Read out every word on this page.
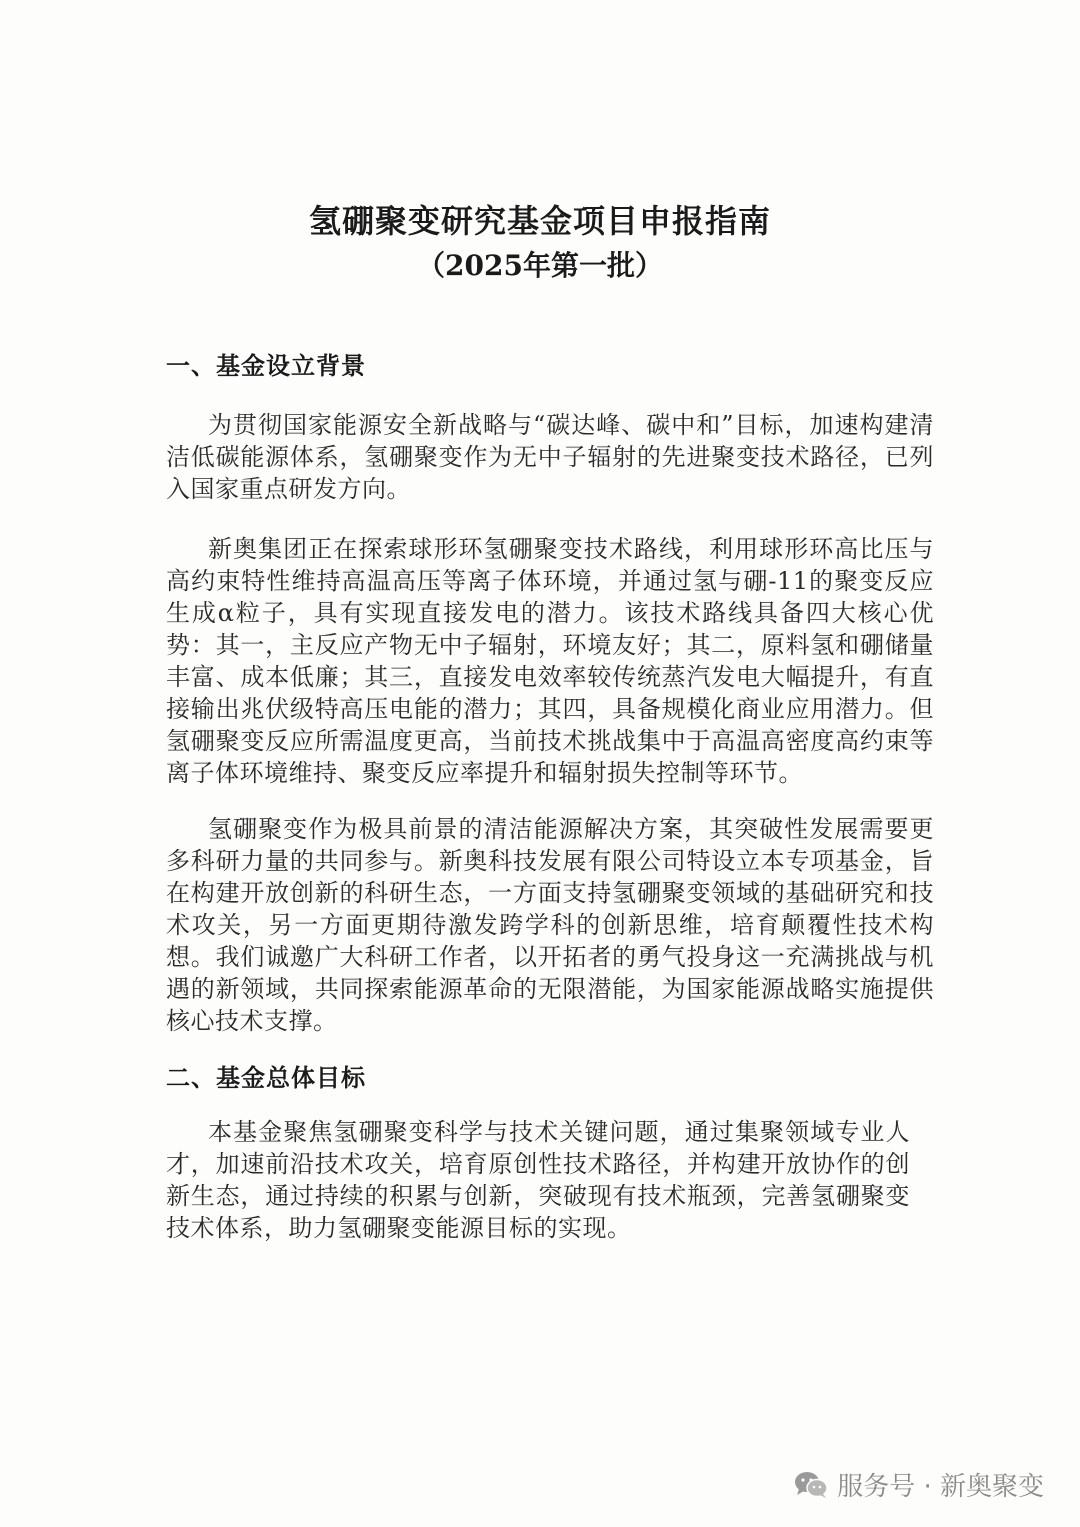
氢硼聚变研究基金项目申报指南
（2025年第一批）
一、基金设立背景
为贯彻国家能源安全新战略与“碳达峰、碳中和”目标，加速构建清洁低碳能源体系，氢硼聚变作为无中子辐射的先进聚变技术路径，已列入国家重点研发方向。
新奥集团正在探索球形环氢硼聚变技术路线，利用球形环高比压与高约束特性维持高温高压等离子体环境，并通过氢与硼-11的聚变反应生成α粒子，具有实现直接发电的潜力。该技术路线具备四大核心优势：其一，主反应产物无中子辐射，环境友好；其二，原料氢和硼储量丰富、成本低廉；其三，直接发电效率较传统蒸汽发电大幅提升，有直接输出兆伏级特高压电能的潜力；其四，具备规模化商业应用潜力。但氢硼聚变反应所需温度更高，当前技术挑战集中于高温高密度高约束等离子体环境维持、聚变反应率提升和辐射损失控制等环节。
氢硼聚变作为极具前景的清洁能源解决方案，其突破性发展需要更多科研力量的共同参与。新奥科技发展有限公司特设立本专项基金，旨在构建开放创新的科研生态，一方面支持氢硼聚变领域的基础研究和技术攻关，另一方面更期待激发跨学科的创新思维，培育颠覆性技术构想。我们诚邀广大科研工作者，以开拓者的勇气投身这一充满挑战与机遇的新领域，共同探索能源革命的无限潜能，为国家能源战略实施提供核心技术支撑。
二、基金总体目标
本基金聚焦氢硼聚变科学与技术关键问题，通过集聚领域专业人才，加速前沿技术攻关，培育原创性技术路径，并构建开放协作的创新生态，通过持续的积累与创新，突破现有技术瓶颈，完善氢硼聚变技术体系，助力氢硼聚变能源目标的实现。
服务号 · 新奥聚变
